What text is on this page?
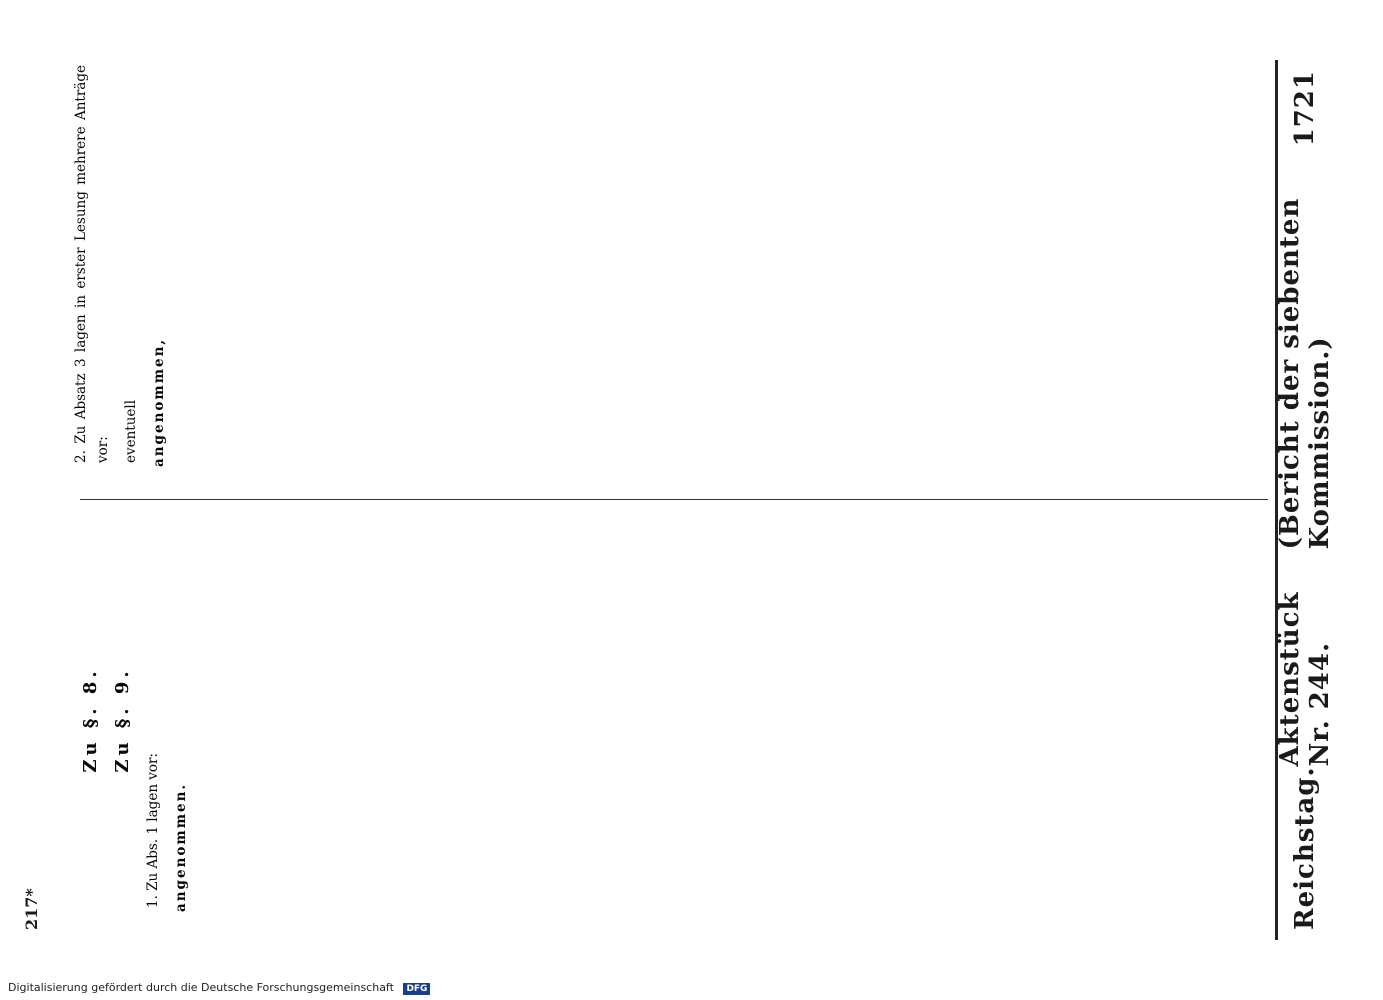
Reichstag.
Aktenstück Nr. 244.
(Bericht der siebenten Kommission.)
1721
Zu §. 8. Zu §. 9.

1. Zu Abs. 1 lagen vor: angenommen.

2. Zu Absatz 3 lagen in erster Lesung mehrere Anträge vor: eventuell angenommen,

217*
Digitalisierung gefördert durch die Deutsche Forschungsgemeinschaft DFG
